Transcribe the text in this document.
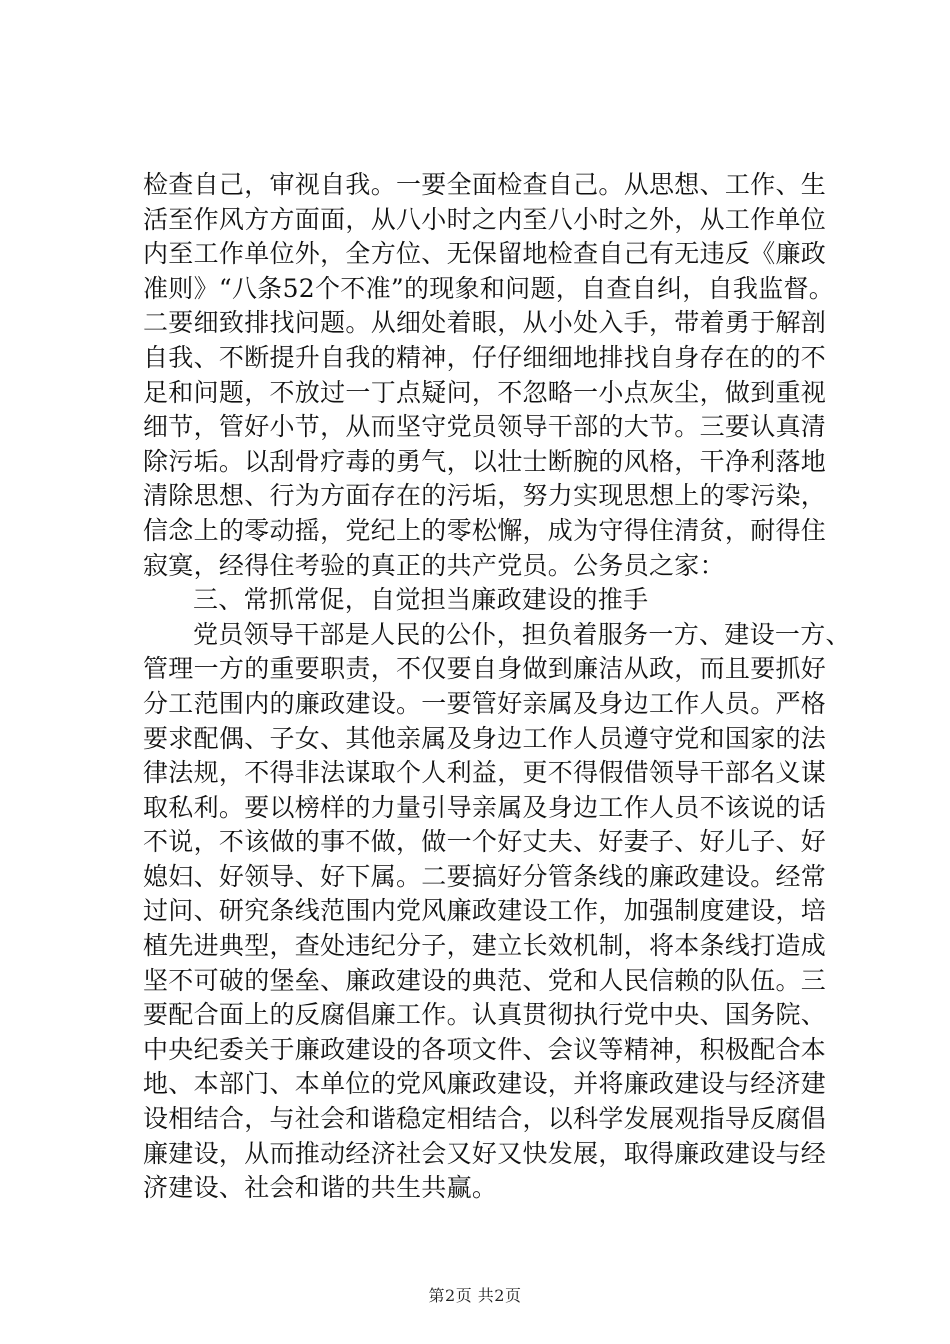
检查自己，审视自我。一要全面检查自己。从思想、工作、生
活至作风方方面面，从八小时之内至八小时之外，从工作单位
内至工作单位外，全方位、无保留地检查自己有无违反《廉政
准则》“八条52个不准”的现象和问题，自查自纠，自我监督。
二要细致排找问题。从细处着眼，从小处入手，带着勇于解剖
自我、不断提升自我的精神，仔仔细细地排找自身存在的的不
足和问题，不放过一丁点疑问，不忽略一小点灰尘，做到重视
细节，管好小节，从而坚守党员领导干部的大节。三要认真清
除污垢。以刮骨疗毒的勇气，以壮士断腕的风格，干净利落地
清除思想、行为方面存在的污垢，努力实现思想上的零污染，
信念上的零动摇，党纪上的零松懈，成为守得住清贫，耐得住
寂寞，经得住考验的真正的共产党员。公务员之家：
三、常抓常促，自觉担当廉政建设的推手
党员领导干部是人民的公仆，担负着服务一方、建设一方、
管理一方的重要职责，不仅要自身做到廉洁从政，而且要抓好
分工范围内的廉政建设。一要管好亲属及身边工作人员。严格
要求配偶、子女、其他亲属及身边工作人员遵守党和国家的法
律法规，不得非法谋取个人利益，更不得假借领导干部名义谋
取私利。要以榜样的力量引导亲属及身边工作人员不该说的话
不说，不该做的事不做，做一个好丈夫、好妻子、好儿子、好
媳妇、好领导、好下属。二要搞好分管条线的廉政建设。经常
过问、研究条线范围内党风廉政建设工作，加强制度建设，培
植先进典型，查处违纪分子，建立长效机制，将本条线打造成
坚不可破的堡垒、廉政建设的典范、党和人民信赖的队伍。三
要配合面上的反腐倡廉工作。认真贯彻执行党中央、国务院、
中央纪委关于廉政建设的各项文件、会议等精神，积极配合本
地、本部门、本单位的党风廉政建设，并将廉政建设与经济建
设相结合，与社会和谐稳定相结合，以科学发展观指导反腐倡
廉建设，从而推动经济社会又好又快发展，取得廉政建设与经
济建设、社会和谐的共生共赢。
第2页 共2页
